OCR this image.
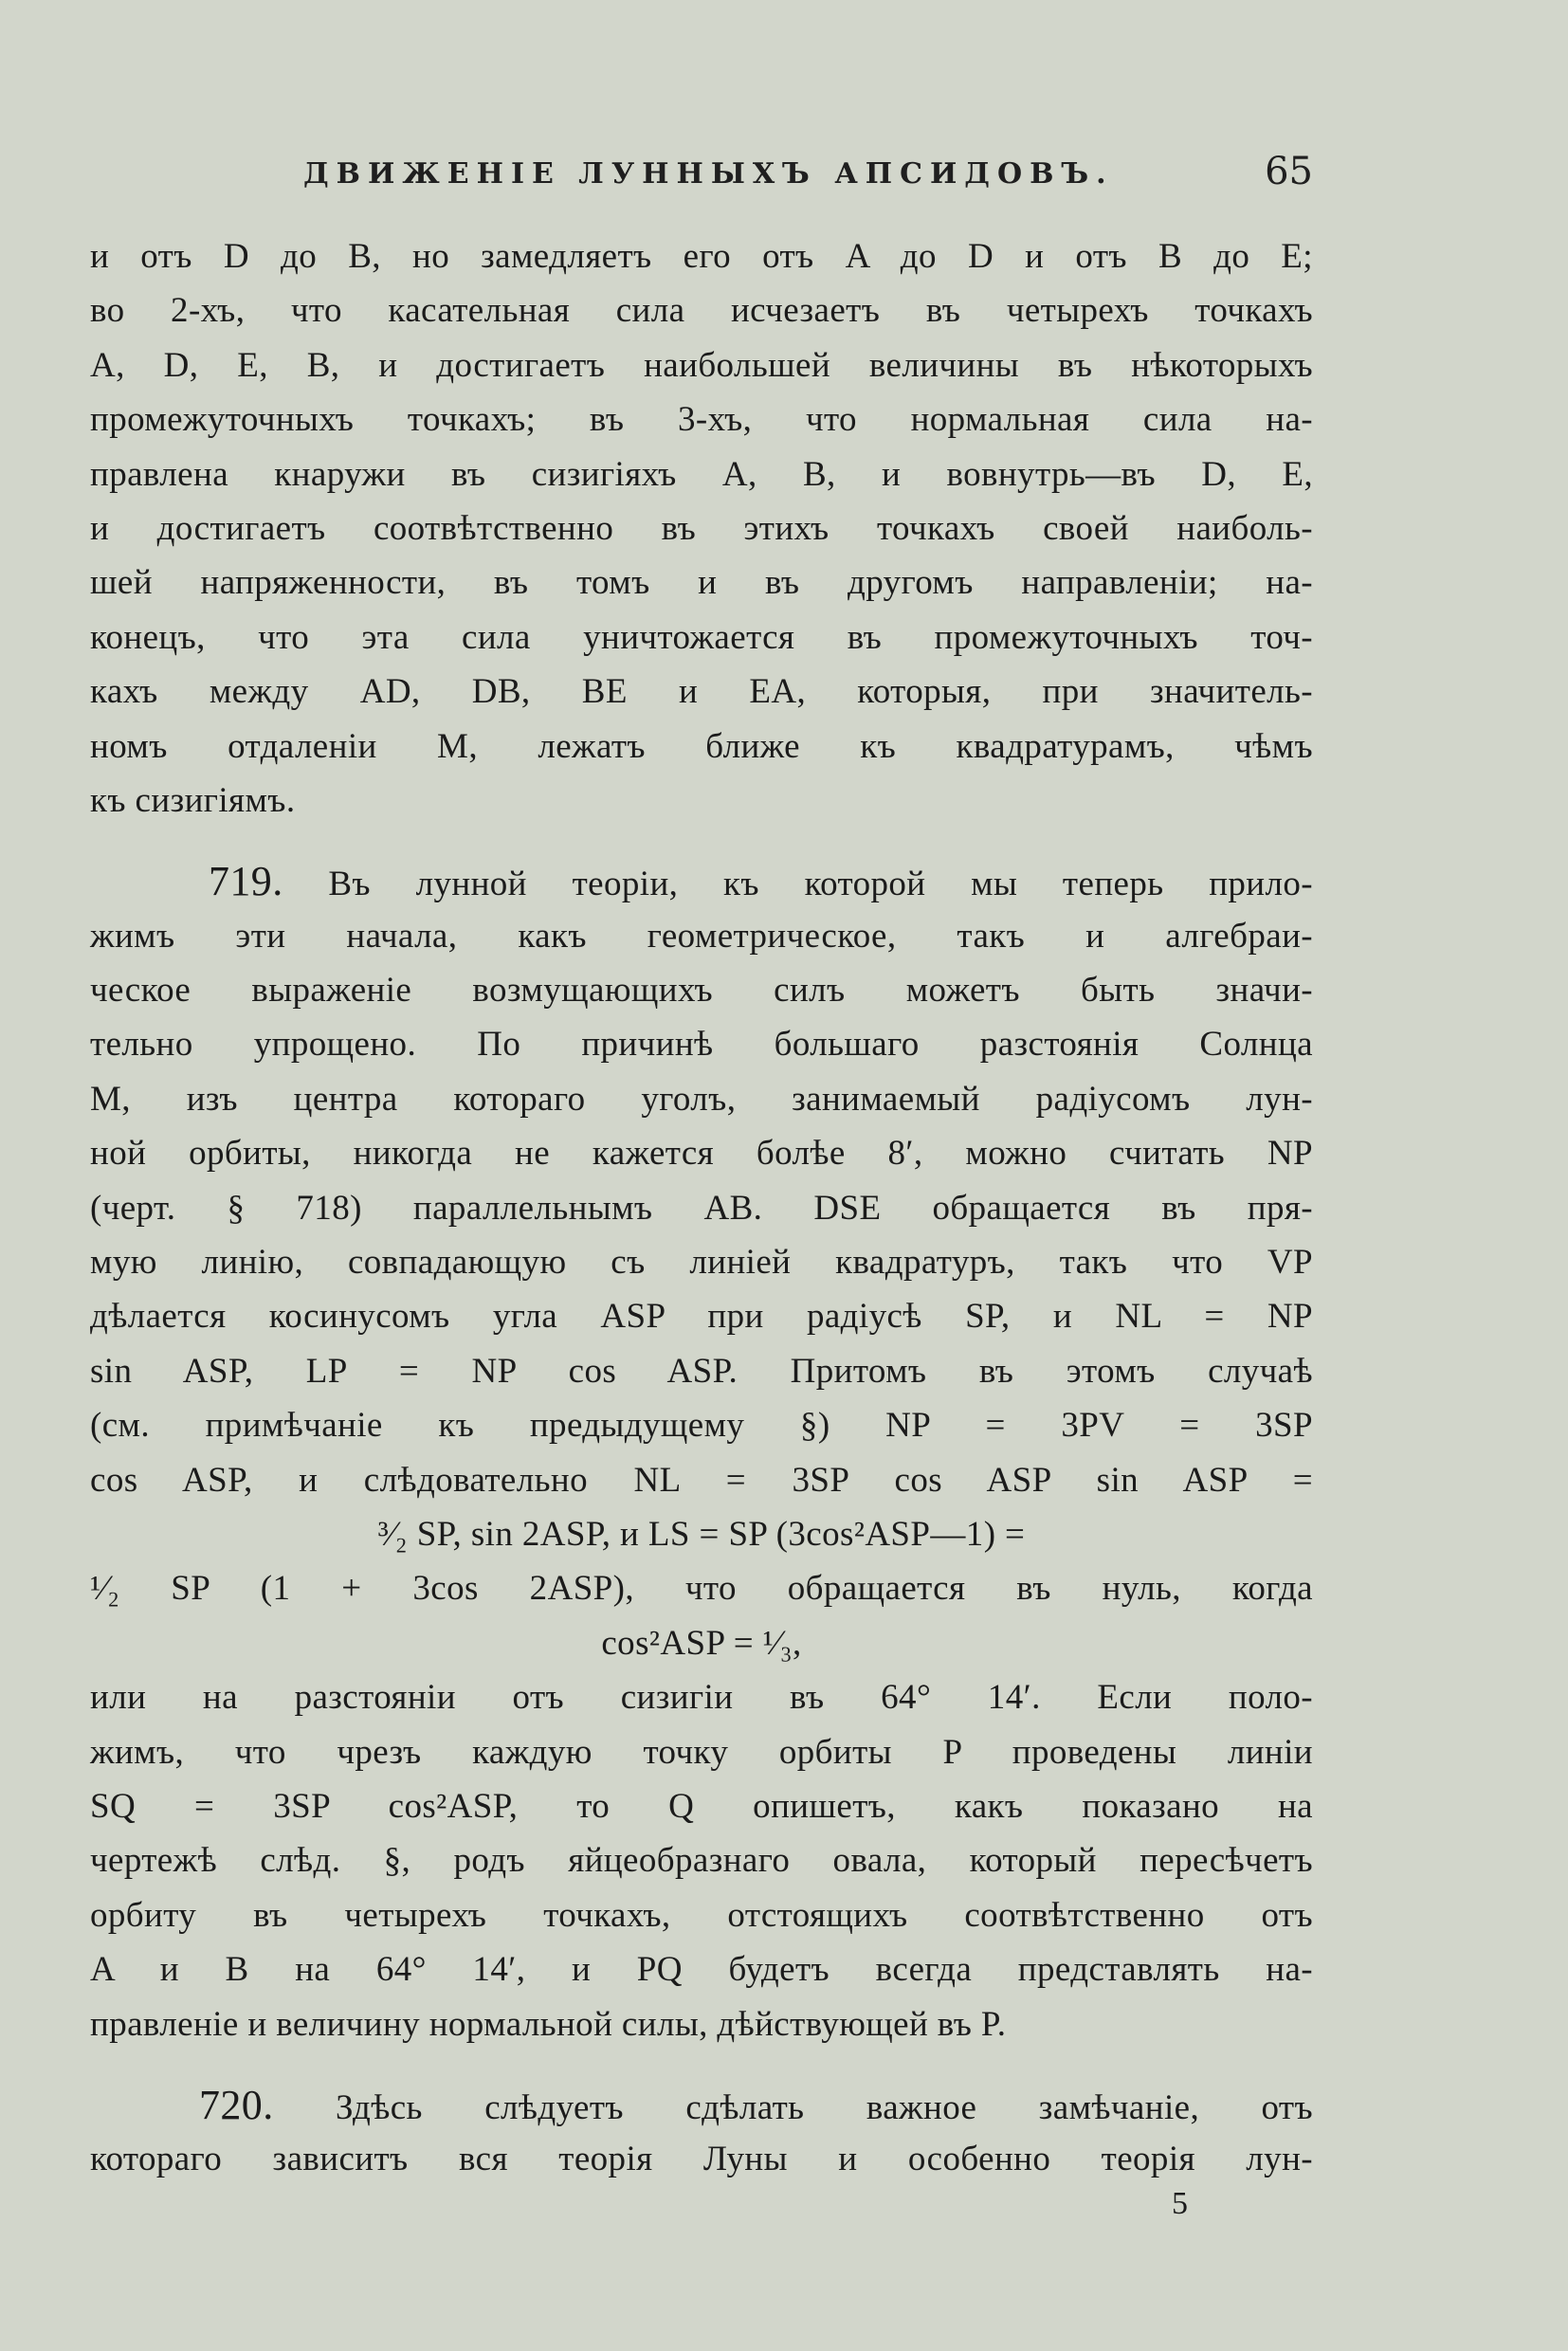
ДВИЖЕНІЕ ЛУННЫХЪ АПСИДОВЪ.	65
и отъ D до B, но замедляетъ его отъ A до D и отъ B до E;
во 2-хъ, что касательная сила исчезаетъ въ четырехъ точкахъ
A, D, E, B, и достигаетъ наибольшей величины въ нѣкоторыхъ
промежуточныхъ точкахъ; въ 3-хъ, что нормальная сила на-
правлена кнаружи въ сизигіяхъ A, B, и вовнутрь—въ D, E,
и достигаетъ соотвѣтственно въ этихъ точкахъ своей наиболь-
шей напряженности, въ томъ и въ другомъ направленіи; на-
конецъ, что эта сила уничтожается въ промежуточныхъ точ-
кахъ между AD, DB, BE и EA, которыя, при значитель-
номъ отдаленіи M, лежатъ ближе къ квадратурамъ, чѣмъ
къ сизигіямъ.
719. Въ лунной теоріи, къ которой мы теперь прило-
жимъ эти начала, какъ геометрическое, такъ и алгебраи-
ческое выраженіе возмущающихъ силъ можетъ быть значи-
тельно упрощено. По причинѣ большаго разстоянія Солнца
M, изъ центра котораго уголъ, занимаемый радіусомъ лун-
ной орбиты, никогда не кажется болѣе 8′, можно считать NP
(черт. § 718) параллельнымъ AB. DSE обращается въ пря-
мую линію, совпадающую съ линіей квадратуръ, такъ что VP
дѣлается косинусомъ угла ASP при радіусѣ SP, и NL = NP
sin ASP, LP = NP cos ASP. Притомъ въ этомъ случаѣ
(см. примѣчаніе къ предыдущему §) NP = 3PV = 3SP
cos ASP, и слѣдовательно NL = 3SP cos ASP sin ASP =
³⁄₂ SP, sin 2ASP, и LS = SP (3cos²ASP—1) =
¹⁄₂ SP (1 + 3cos 2ASP), что обращается въ нуль, когда
cos²ASP = ¹⁄₃,
или на разстояніи отъ сизигіи въ 64° 14′. Если поло-
жимъ, что чрезъ каждую точку орбиты P проведены линіи
SQ = 3SP cos²ASP, то Q опишетъ, какъ показано на
чертежѣ слѣд. §, родъ яйцеобразнаго овала, который пересѣчетъ
орбиту въ четырехъ точкахъ, отстоящихъ соотвѣтственно отъ
A и B на 64° 14′, и PQ будетъ всегда представлять на-
правленіе и величину нормальной силы, дѣйствующей въ P.
720. Здѣсь слѣдуетъ сдѣлать важное замѣчаніе, отъ
котораго зависитъ вся теорія Луны и особенно теорія лун-
5
